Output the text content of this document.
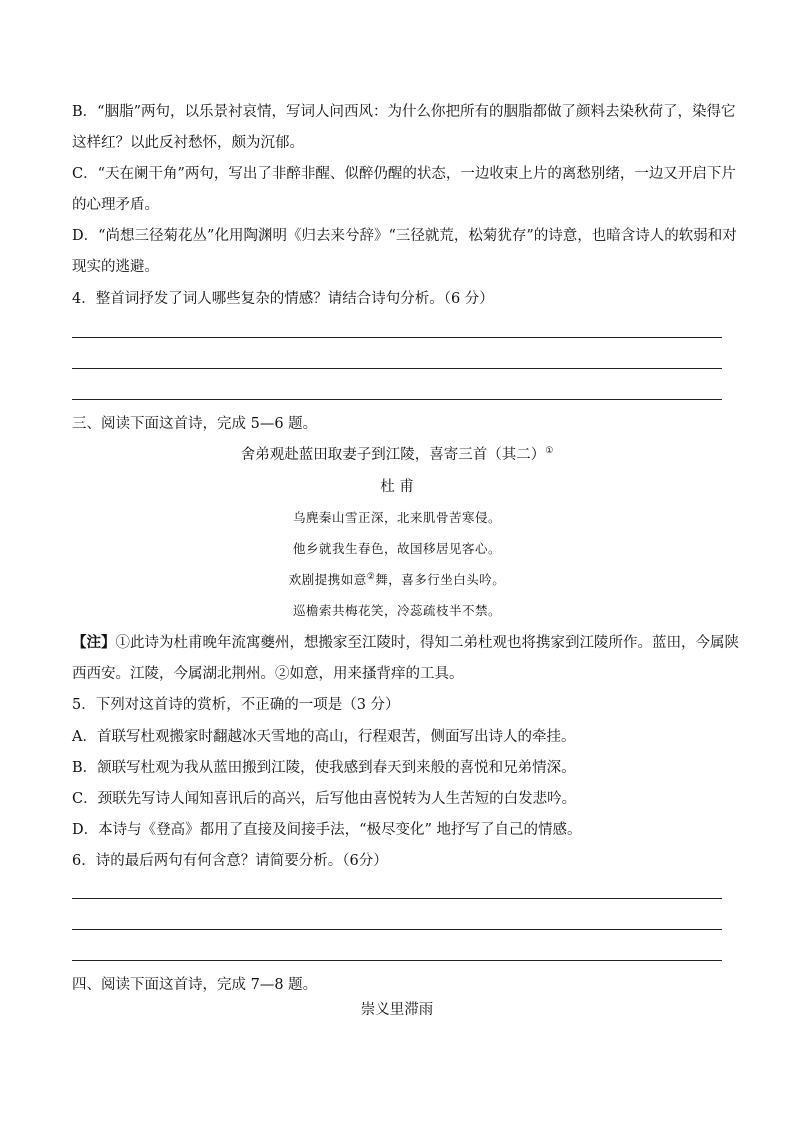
B．“胭脂”两句，以乐景衬哀情，写词人问西风：为什么你把所有的胭脂都做了颜料去染秋荷了，染得它
这样红？以此反衬愁怀，颇为沉郁。
C．“天在阑干角”两句，写出了非醉非醒、似醉仍醒的状态，一边收束上片的离愁别绪，一边又开启下片
的心理矛盾。
D．“尚想三径菊花丛”化用陶渊明《归去来兮辞》“三径就荒，松菊犹存”的诗意，也暗含诗人的软弱和对
现实的逃避。
4．整首词抒发了词人哪些复杂的情感？请结合诗句分析。（6 分）
三、阅读下面这首诗，完成 5—6 题。
舍弟观赴蓝田取妻子到江陵，喜寄三首（其二）①
杜 甫
乌麂秦山雪正深，北来肌骨苦寒侵。
他乡就我生春色，故国移居见客心。
欢剧提携如意②舞，喜多行坐白头吟。
巡檐索共梅花笑，冷蕊疏枝半不禁。
【注】①此诗为杜甫晚年流寓夔州，想搬家至江陵时，得知二弟杜观也将携家到江陵所作。蓝田，今属陕
西西安。江陵，今属湖北荆州。②如意，用来搔背痒的工具。
5．下列对这首诗的赏析，不正确的一项是（3 分）
A．首联写杜观搬家时翻越冰天雪地的高山，行程艰苦，侧面写出诗人的牵挂。
B．颔联写杜观为我从蓝田搬到江陵，使我感到春天到来般的喜悦和兄弟情深。
C．颈联先写诗人闻知喜讯后的高兴，后写他由喜悦转为人生苦短的白发悲吟。
D．本诗与《登高》都用了直接及间接手法，“极尽变化” 地抒写了自己的情感。
6．诗的最后两句有何含意？请简要分析。（6分）
四、阅读下面这首诗，完成 7—8 题。
崇义里滞雨
